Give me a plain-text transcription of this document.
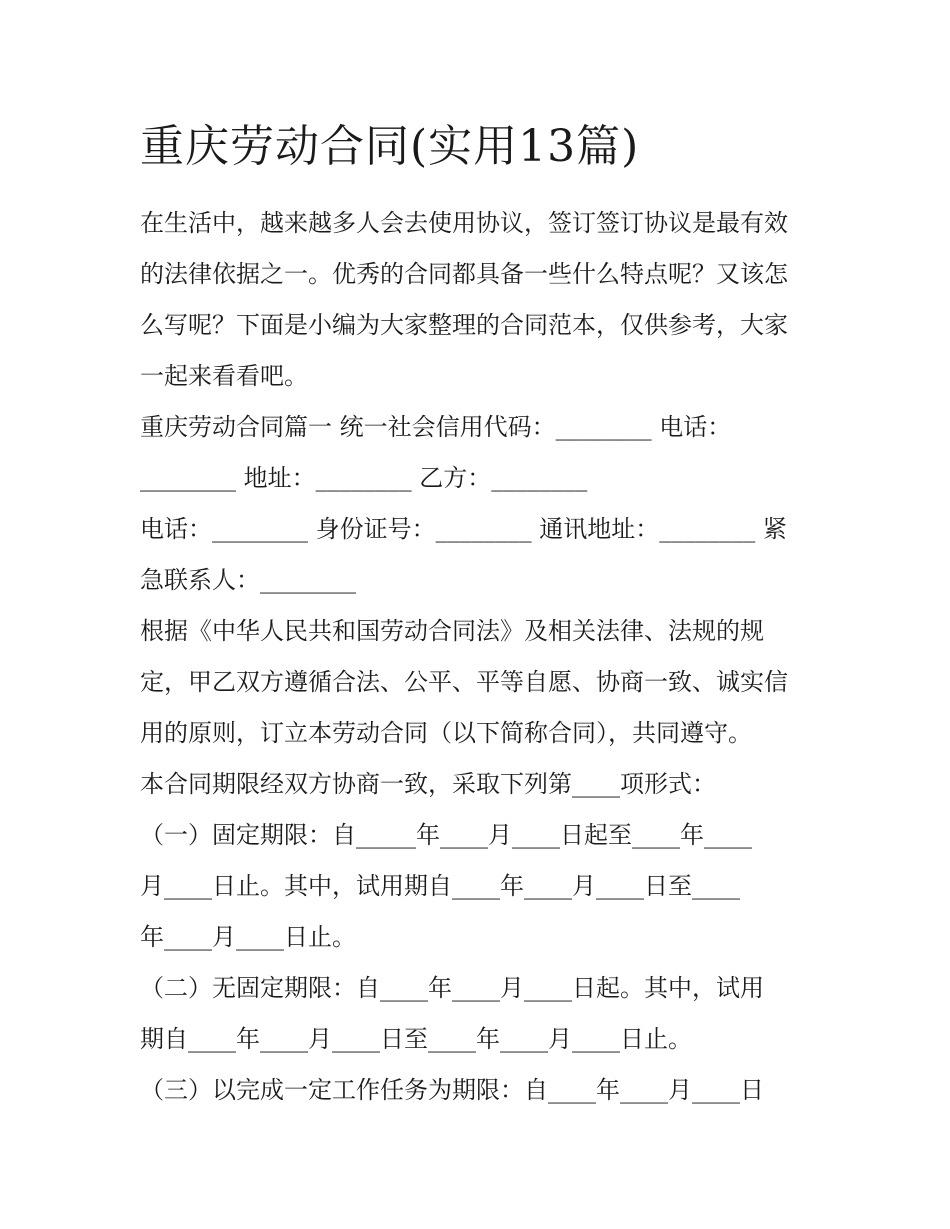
重庆劳动合同(实用13篇)

在生活中，越来越多人会去使用协议，签订签订协议是最有效

的法律依据之一。优秀的合同都具备一些什么特点呢？又该怎

么写呢？下面是小编为大家整理的合同范本，仅供参考，大家

一起来看看吧。

重庆劳动合同篇一 统一社会信用代码：________ 电话：

________ 地址：________ 乙方：________

电话：________ 身份证号：________ 通讯地址：________ 紧

急联系人：________

根据《中华人民共和国劳动合同法》及相关法律、法规的规

定，甲乙双方遵循合法、公平、平等自愿、协商一致、诚实信

用的原则，订立本劳动合同（以下简称合同），共同遵守。

本合同期限经双方协商一致，采取下列第____项形式：

（一）固定期限：自_____年____月____日起至____年____

月____日止。其中，试用期自____年____月____日至____

年____月____日止。

（二）无固定期限：自____年____月____日起。其中，试用

期自____年____月____日至____年____月____日止。

（三）以完成一定工作任务为期限：自____年____月____日
